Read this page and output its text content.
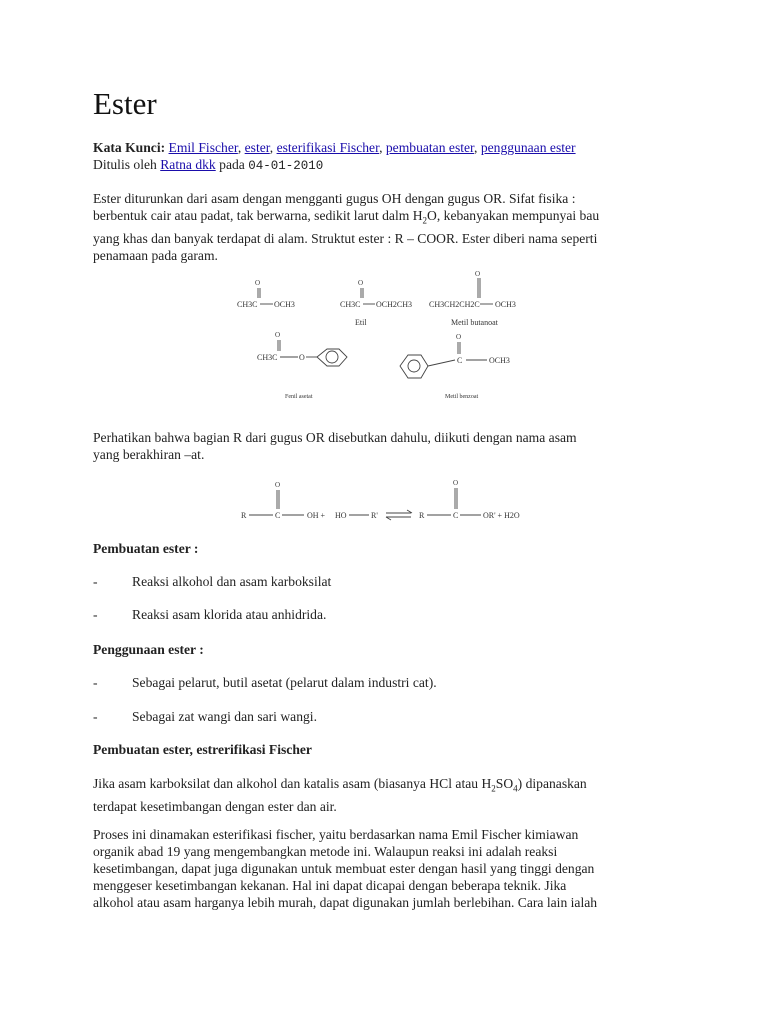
Ester

Kata Kunci: Emil Fischer, ester, esterifikasi Fischer, pembuatan ester, penggunaan ester

Ditulis oleh Ratna dkk pada 04-01-2010

Ester diturunkan dari asam dengan mengganti gugus OH dengan gugus OR. Sifat fisika :
berbentuk cair atau padat, tak berwarna, sedikit larut dalm $H_2O$, kebanyakan mempunyai bau
yang khas dan banyak terdapat di alam. Struktut ester : R – COOR. Ester diberi nama seperti
penamaan pada garam.

CH3C
O
OCH3	CH3C
O
OCH2CH3
Etil
CH3CH2CH2C
O
OCH3
Metil butanoat
CH3C
O
O
Fenil asetat
C
O
OCH3
Metil benzoat

Perhatikan bahwa bagian R dari gugus OR disebutkan dahulu, diikuti dengan nama asam
yang berakhiran –at.

R	C
O
OH + HO	R'	R	C
O
OR' + H2O

Pembuatan ester :

-	Reaksi alkohol dan asam karboksilat
-	Reaksi asam klorida atau anhidrida.

Penggunaan ester :

-	Sebagai pelarut, butil asetat (pelarut dalam industri cat).
-	Sebagai zat wangi dan sari wangi.

Pembuatan ester, estrerifikasi Fischer

Jika asam karboksilat dan alkohol dan katalis asam (biasanya HCl atau $H_2SO_4$) dipanaskan
terdapat kesetimbangan dengan ester dan air.

Proses ini dinamakan esterifikasi fischer, yaitu berdasarkan nama Emil Fischer kimiawan
organik abad 19 yang mengembangkan metode ini. Walaupun reaksi ini adalah reaksi
kesetimbangan, dapat juga digunakan untuk membuat ester dengan hasil yang tinggi dengan
menggeser kesetimbangan kekanan. Hal ini dapat dicapai dengan beberapa teknik. Jika
alkohol atau asam harganya lebih murah, dapat digunakan jumlah berlebihan. Cara lain ialah
